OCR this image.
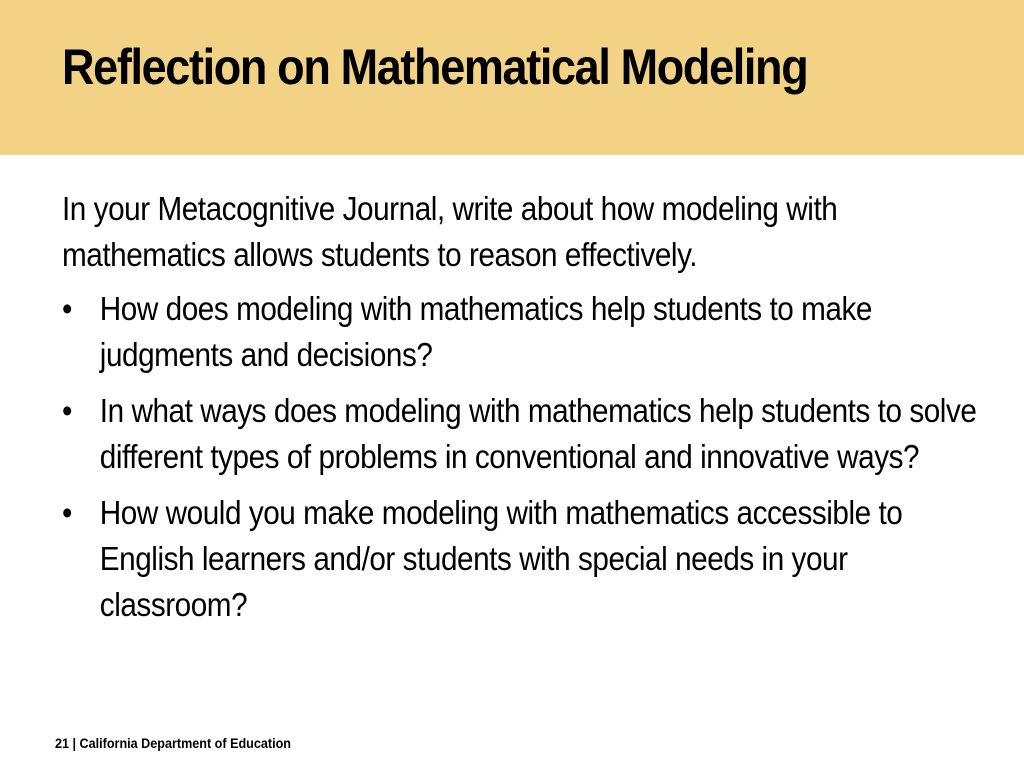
Reflection on Mathematical Modeling

In your Metacognitive Journal, write about how modeling with mathematics allows students to reason effectively.

• How does modeling with mathematics help students to make judgments and decisions?
• In what ways does modeling with mathematics help students to solve different types of problems in conventional and innovative ways?
• How would you make modeling with mathematics accessible to English learners and/or students with special needs in your classroom?
21 | California Department of Education
